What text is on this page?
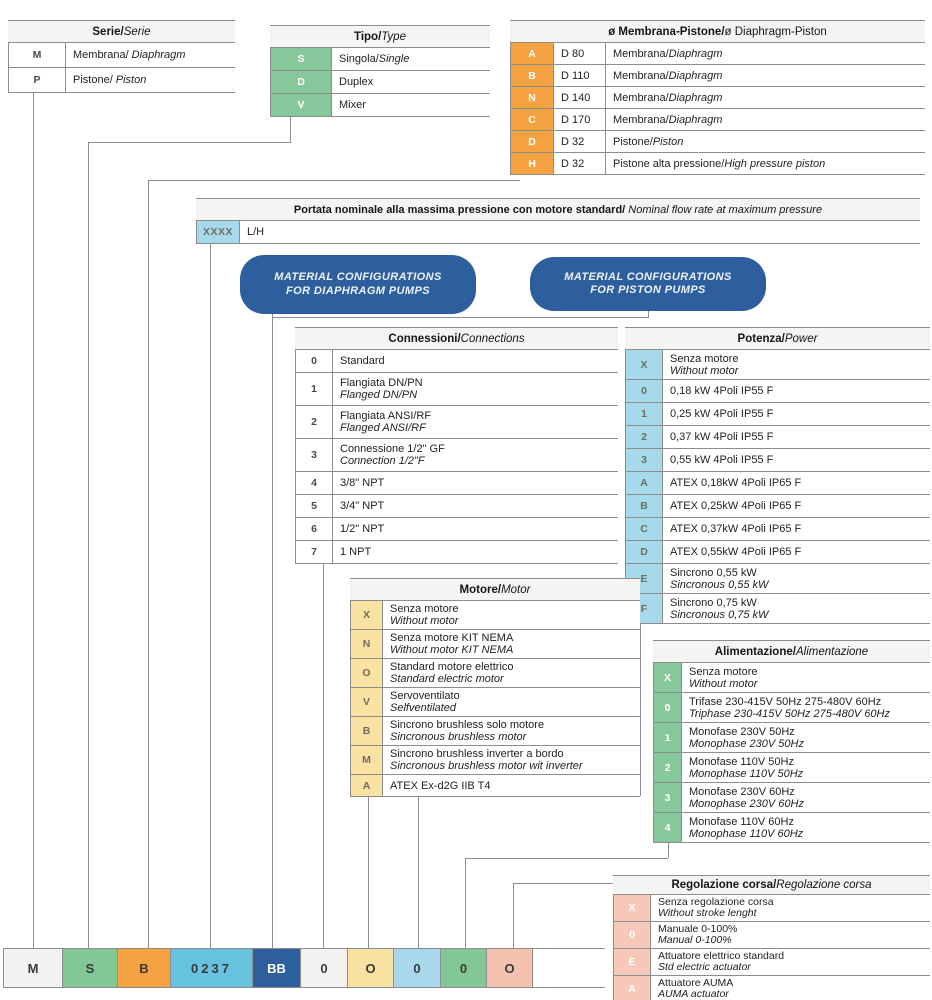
Serie/Serie
M	Membrana/ Diaphragm
P	Pistone/ Piston
Tipo/Type
S	Singola/ Single
D	Duplex
V	Mixer
ø Membrana-Pistone/ø Diaphragm-Piston
A	D 80	Membrana/ Diaphragm
B	D 110	Membrana/ Diaphragm
N	D 140	Membrana/ Diaphragm
C	D 170	Membrana/ Diaphragm
D	D 32	Pistone/ Piston
H	D 32	Pistone alta pressione/ High pressure piston
Portata nominale alla massima pressione con motore standard/ Nominal flow rate at maximum pressure
XXXX	L/H
MATERIAL CONFIGURATIONS FOR DIAPHRAGM PUMPS
MATERIAL CONFIGURATIONS FOR PISTON PUMPS
Connessioni/Connections
0	Standard
1	Flangiata DN/PN
Flanged DN/PN
2	Flangiata ANSI/RF
Flanged ANSI/RF
3	Connessione 1/2" GF
Connection 1/2"F
4	3/8" NPT
5	3/4" NPT
6	1/2" NPT
7	1 NPT
Potenza/Power
X	Senza motore
Without motor
0	0,18 kW 4Poli IP55 F
1	0,25 kW 4Poli IP55 F
2	0,37 kW 4Poli IP55 F
3	0,55 kW 4Poli IP55 F
A	ATEX 0,18kW 4Poli IP65 F
B	ATEX 0,25kW 4Poli IP65 F
C	ATEX 0,37kW 4Poli IP65 F
D	ATEX 0,55kW 4Poli IP65 F
E	Sincrono 0,55 kW
Sincronous 0,55 kW
F	Sincrono 0,75 kW
Sincronous 0,75 kW
Motore/Motor
X	Senza motore
Without motor
N	Senza motore KIT NEMA
Without motor KIT NEMA
O	Standard motore elettrico
Standard electric motor
V	Servoventilato
Selfventilated
B	Sincrono brushless solo motore
Sincronous brushless motor
M	Sincrono brushless inverter a bordo
Sincronous brushless motor wit inverter
A	ATEX Ex-d2G IIB T4
Alimentazione/Alimentazione
X	Senza motore
Without motor
0	Trifase 230-415V 50Hz 275-480V 60Hz
Triphase 230-415V 50Hz 275-480V 60Hz
1	Monofase 230V 50Hz
Monophase 230V 50Hz
2	Monofase 110V 50Hz
Monophase 110V 50Hz
3	Monofase 230V 60Hz
Monophase 230V 60Hz
4	Monofase 110V 60Hz
Monophase 110V 60Hz
Regolazione corsa/Regolazione corsa
X	Senza regolazione corsa
Without stroke lenght
0	Manuale 0-100%
Manual 0-100%
E	Attuatore elettrico standard
Std electric actuator
A	Attuatore AUMA
AUMA actuator
M	S	B	0237	BB	0	O	0	0	O
